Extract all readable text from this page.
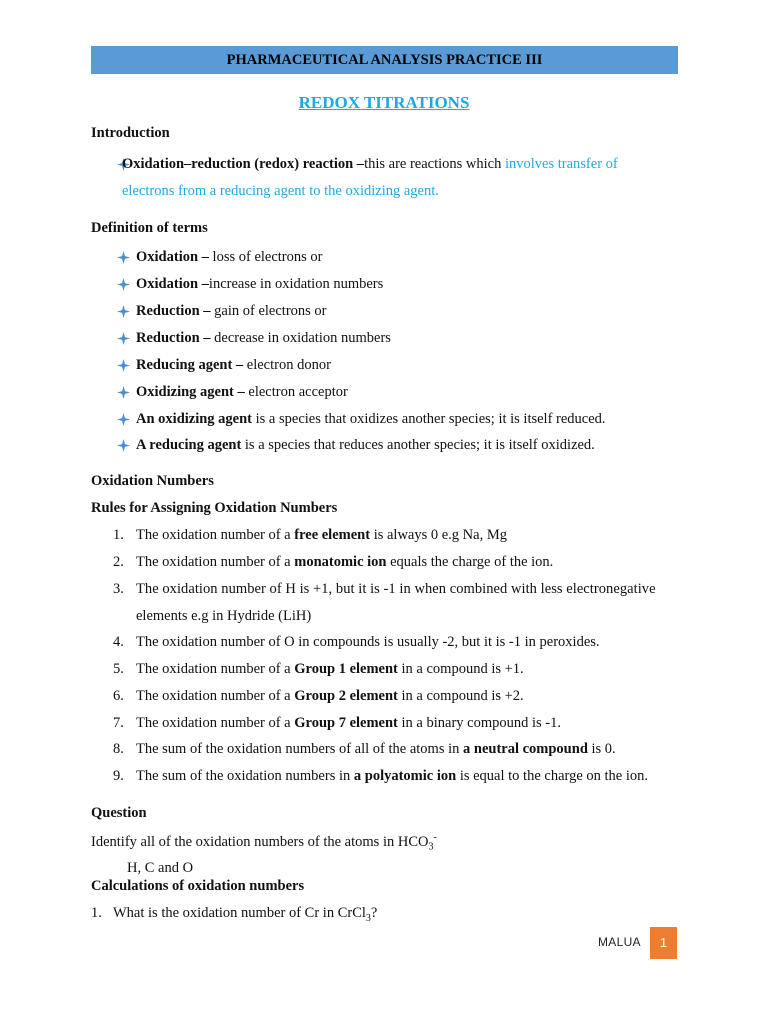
PHARMACEUTICAL ANALYSIS PRACTICE III
REDOX TITRATIONS
Introduction
Oxidation–reduction (redox) reaction –this are reactions which involves transfer of
electrons from a reducing agent to the oxidizing agent.
Definition of terms
Oxidation – loss of electrons or
Oxidation –increase in oxidation numbers
Reduction – gain of electrons or
Reduction – decrease in oxidation numbers
Reducing agent – electron donor
Oxidizing agent – electron acceptor
An oxidizing agent is a species that oxidizes another species; it is itself reduced.
A reducing agent is a species that reduces another species; it is itself oxidized.
Oxidation Numbers
Rules for Assigning Oxidation Numbers
1. The oxidation number of a free element is always 0 e.g Na, Mg
2. The oxidation number of a monatomic ion equals the charge of the ion.
3. The oxidation number of H is +1, but it is -1 in when combined with less electronegative
elements e.g in Hydride (LiH)
4. The oxidation number of O in compounds is usually -2, but it is -1 in peroxides.
5. The oxidation number of a Group 1 element in a compound is +1.
6. The oxidation number of a Group 2 element in a compound is +2.
7. The oxidation number of a Group 7 element in a binary compound is -1.
8. The sum of the oxidation numbers of all of the atoms in a neutral compound is 0.
9. The sum of the oxidation numbers in a polyatomic ion is equal to the charge on the ion.
Question
Identify all of the oxidation numbers of the atoms in $HCO_3^-$
H, C and O
Calculations of oxidation numbers
1. What is the oxidation number of Cr in CrCl$_3$?
MALUA	1
